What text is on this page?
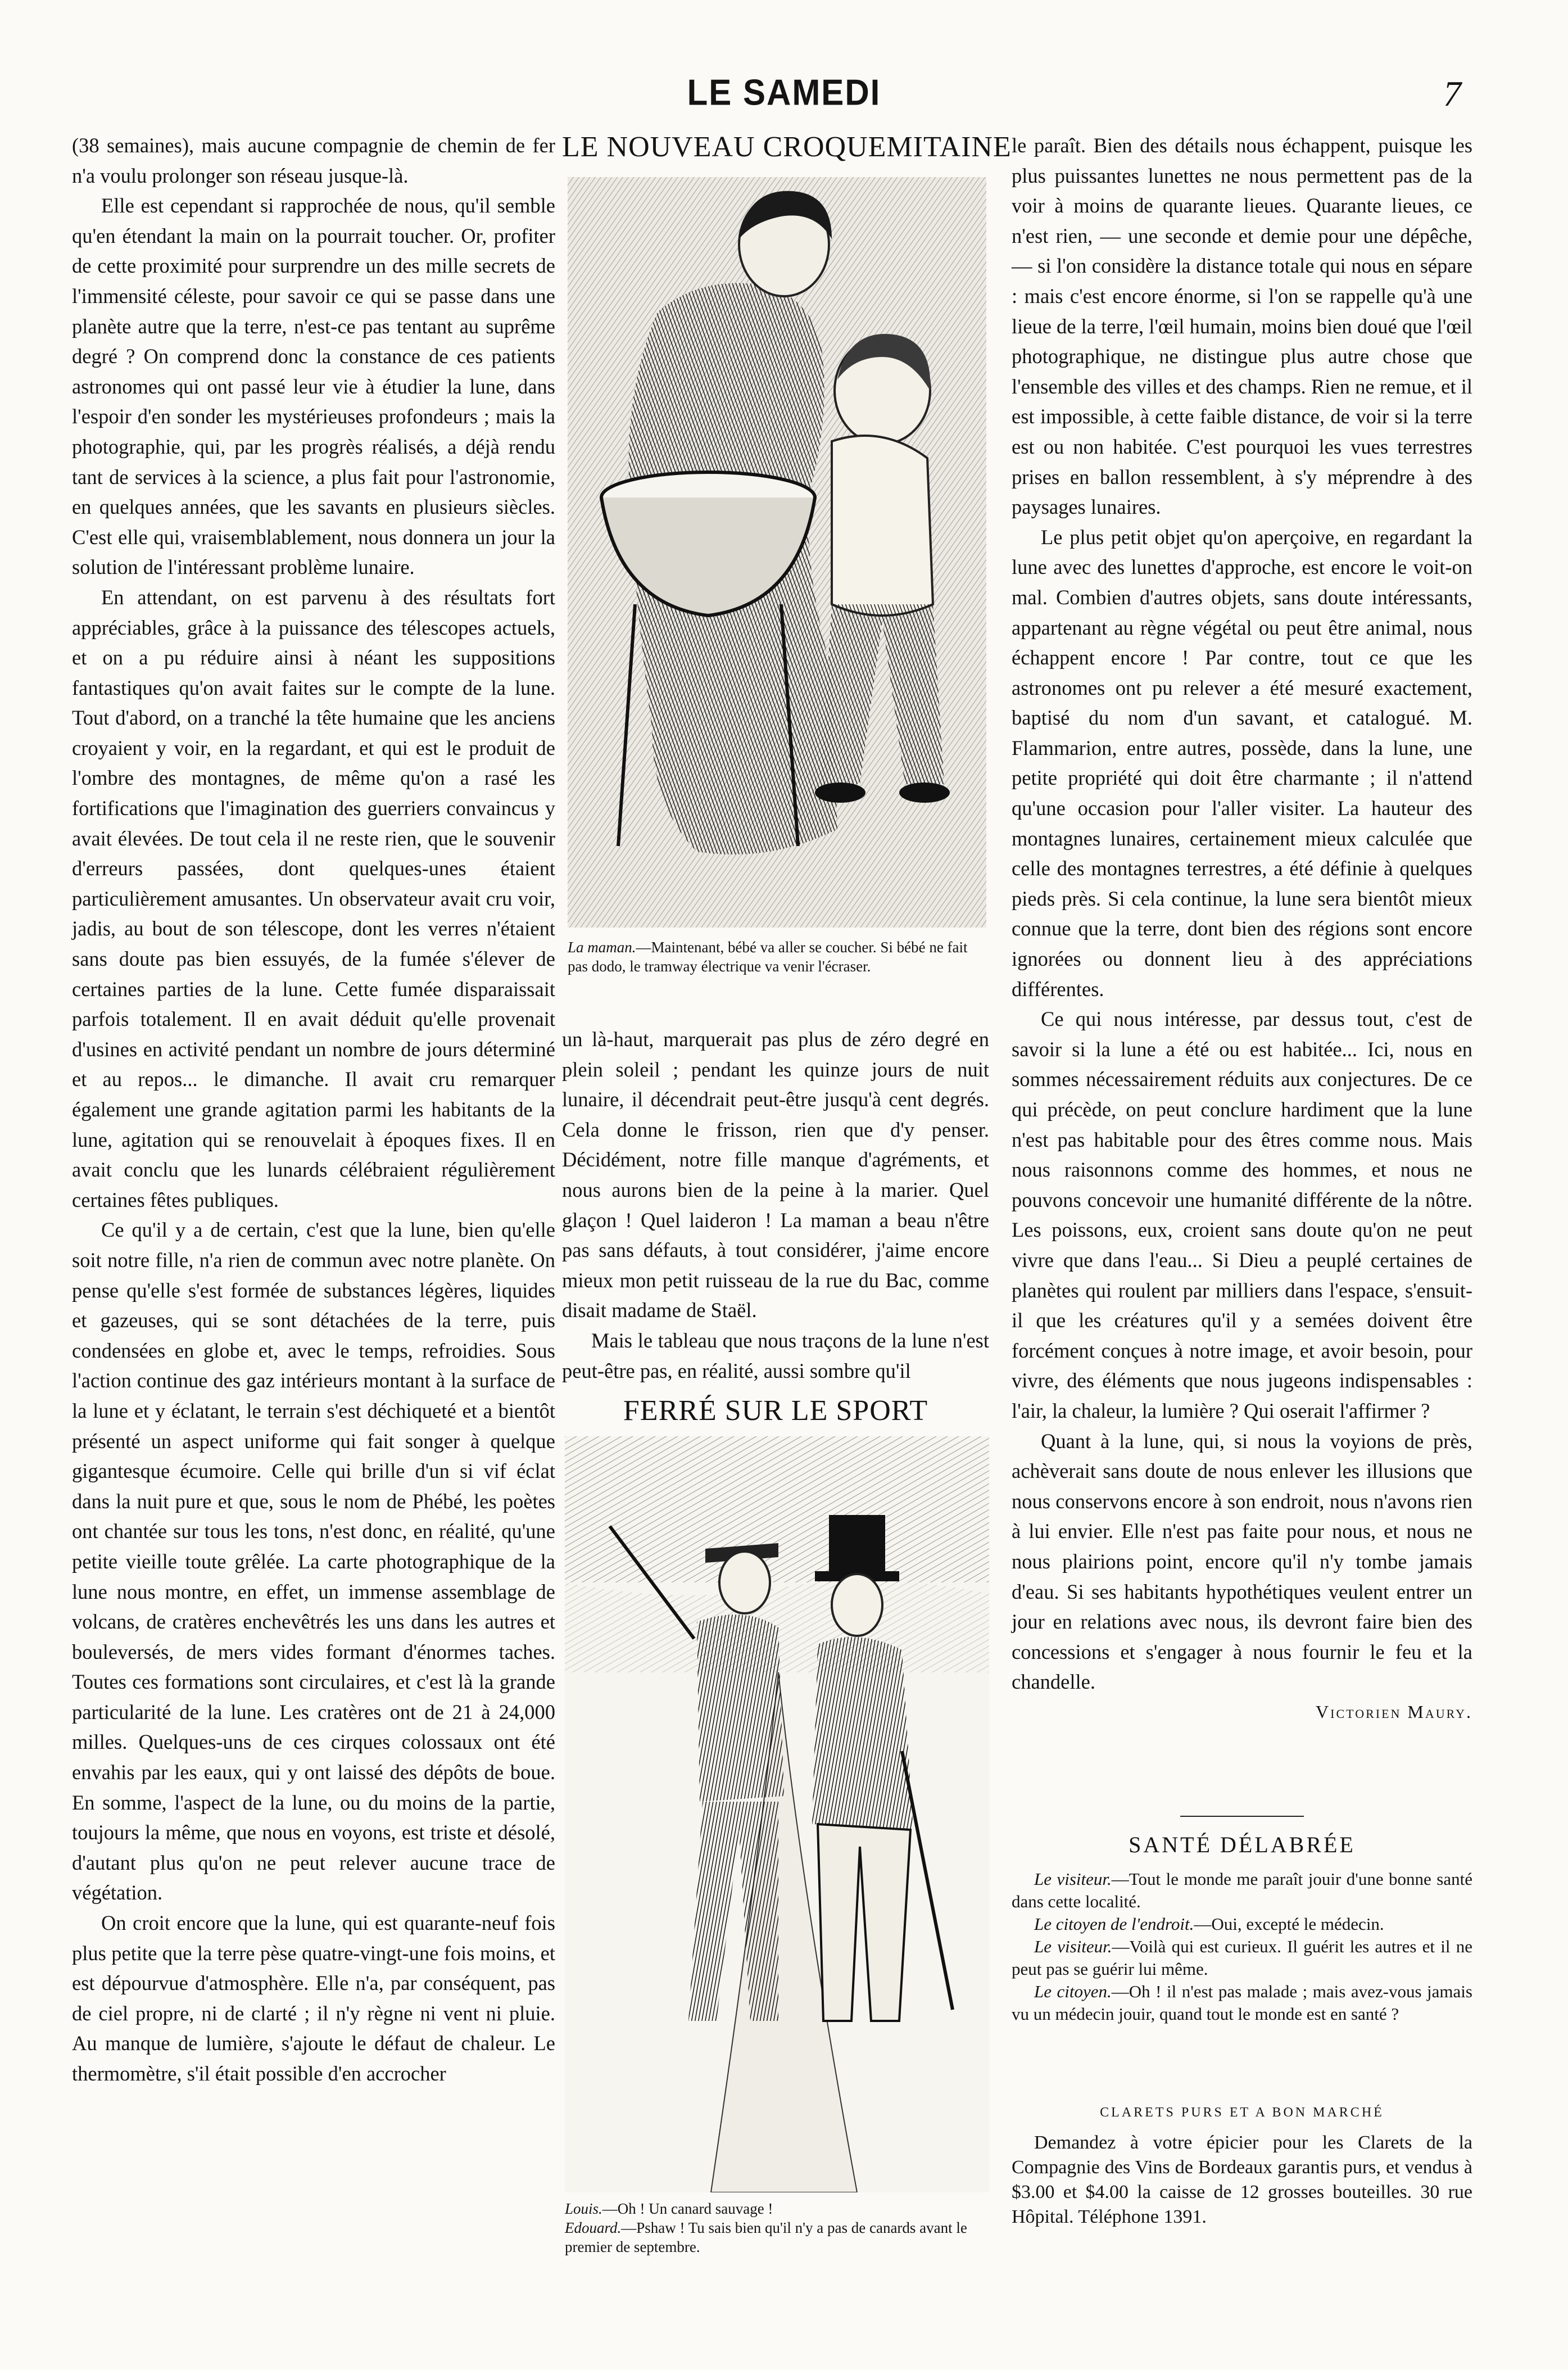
LE SAMEDI	7

(38 semaines), mais aucune compagnie de chemin de fer n'a voulu prolonger son réseau jusque-là.

Elle est cependant si rapprochée de nous, qu'il semble qu'en étendant la main on la pourrait toucher. Or, profiter de cette proximité pour surprendre un des mille secrets de l'immensité céleste, pour savoir ce qui se passe dans une planète autre que la terre, n'est-ce pas tentant au suprême degré ? On comprend donc la constance de ces patients astronomes qui ont passé leur vie à étudier la lune, dans l'espoir d'en sonder les mystérieuses profondeurs ; mais la photographie, qui, par les progrès réalisés, a déjà rendu tant de services à la science, a plus fait pour l'astronomie, en quelques années, que les savants en plusieurs siècles. C'est elle qui, vraisemblablement, nous donnera un jour la solution de l'intéressant problème lunaire.

En attendant, on est parvenu à des résultats fort appréciables, grâce à la puissance des télescopes actuels, et on a pu réduire ainsi à néant les suppositions fantastiques qu'on avait faites sur le compte de la lune. Tout d'abord, on a tranché la tête humaine que les anciens croyaient y voir, en la regardant, et qui est le produit de l'ombre des montagnes, de même qu'on a rasé les fortifications que l'imagination des guerriers convaincus y avait élevées. De tout cela il ne reste rien, que le souvenir d'erreurs passées, dont quelques-unes étaient particulièrement amusantes. Un observateur avait cru voir, jadis, au bout de son télescope, dont les verres n'étaient sans doute pas bien essuyés, de la fumée s'élever de certaines parties de la lune. Cette fumée disparaissait parfois totalement. Il en avait déduit qu'elle provenait d'usines en activité pendant un nombre de jours déterminé et au repos... le dimanche. Il avait cru remarquer également une grande agitation parmi les habitants de la lune, agitation qui se renouvelait à époques fixes. Il en avait conclu que les lunards célébraient régulièrement certaines fêtes publiques.

Ce qu'il y a de certain, c'est que la lune, bien qu'elle soit notre fille, n'a rien de commun avec notre planète. On pense qu'elle s'est formée de substances légères, liquides et gazeuses, qui se sont détachées de la terre, puis condensées en globe et, avec le temps, refroidies. Sous l'action continue des gaz intérieurs montant à la surface de la lune et y éclatant, le terrain s'est déchiqueté et a bientôt présenté un aspect uniforme qui fait songer à quelque gigantesque écumoire. Celle qui brille d'un si vif éclat dans la nuit pure et que, sous le nom de Phébé, les poètes ont chantée sur tous les tons, n'est donc, en réalité, qu'une petite vieille toute grêlée. La carte photographique de la lune nous montre, en effet, un immense assemblage de volcans, de cratères enchevêtrés les uns dans les autres et bouleversés, de mers vides formant d'énormes taches. Toutes ces formations sont circulaires, et c'est là la grande particularité de la lune. Les cratères ont de 21 à 24,000 milles. Quelques-uns de ces cirques colossaux ont été envahis par les eaux, qui y ont laissé des dépôts de boue. En somme, l'aspect de la lune, ou du moins de la partie, toujours la même, que nous en voyons, est triste et désolé, d'autant plus qu'on ne peut relever aucune trace de végétation.

On croit encore que la lune, qui est quarante-neuf fois plus petite que la terre pèse quatre-vingt-une fois moins, et est dépourvue d'atmosphère. Elle n'a, par conséquent, pas de ciel propre, ni de clarté ; il n'y règne ni vent ni pluie. Au manque de lumière, s'ajoute le défaut de chaleur. Le thermomètre, s'il était possible d'en accrocher

LE NOUVEAU CROQUEMITAINE
La maman.—Maintenant, bébé va aller se coucher. Si bébé ne fait pas dodo, le tramway électrique va venir l'écraser.

un là-haut, marquerait pas plus de zéro degré en plein soleil ; pendant les quinze jours de nuit lunaire, il décendrait peut-être jusqu'à cent degrés. Cela donne le frisson, rien que d'y penser. Décidément, notre fille manque d'agréments, et nous aurons bien de la peine à la marier. Quel glaçon ! Quel laideron ! La maman a beau n'être pas sans défauts, à tout considérer, j'aime encore mieux mon petit ruisseau de la rue du Bac, comme disait madame de Staël.

Mais le tableau que nous traçons de la lune n'est peut-être pas, en réalité, aussi sombre qu'il

FERRÉ SUR LE SPORT
Louis.—Oh ! Un canard sauvage !
Edouard.—Pshaw ! Tu sais bien qu'il n'y a pas de canards avant le premier de septembre.

le paraît. Bien des détails nous échappent, puisque les plus puissantes lunettes ne nous permettent pas de la voir à moins de quarante lieues. Quarante lieues, ce n'est rien, — une seconde et demie pour une dépêche, — si l'on considère la distance totale qui nous en sépare : mais c'est encore énorme, si l'on se rappelle qu'à une lieue de la terre, l'œil humain, moins bien doué que l'œil photographique, ne distingue plus autre chose que l'ensemble des villes et des champs. Rien ne remue, et il est impossible, à cette faible distance, de voir si la terre est ou non habitée. C'est pourquoi les vues terrestres prises en ballon ressemblent, à s'y méprendre à des paysages lunaires.

Le plus petit objet qu'on aperçoive, en regardant la lune avec des lunettes d'approche, est encore le voit-on mal. Combien d'autres objets, sans doute intéressants, appartenant au règne végétal ou peut être animal, nous échappent encore ! Par contre, tout ce que les astronomes ont pu relever a été mesuré exactement, baptisé du nom d'un savant, et catalogué. M. Flammarion, entre autres, possède, dans la lune, une petite propriété qui doit être charmante ; il n'attend qu'une occasion pour l'aller visiter. La hauteur des montagnes lunaires, certainement mieux calculée que celle des montagnes terrestres, a été définie à quelques pieds près. Si cela continue, la lune sera bientôt mieux connue que la terre, dont bien des régions sont encore ignorées ou donnent lieu à des appréciations différentes.

Ce qui nous intéresse, par dessus tout, c'est de savoir si la lune a été ou est habitée... Ici, nous en sommes nécessairement réduits aux conjectures. De ce qui précède, on peut conclure hardiment que la lune n'est pas habitable pour des êtres comme nous. Mais nous raisonnons comme des hommes, et nous ne pouvons concevoir une humanité différente de la nôtre. Les poissons, eux, croient sans doute qu'on ne peut vivre que dans l'eau... Si Dieu a peuplé certaines de planètes qui roulent par milliers dans l'espace, s'ensuit-il que les créatures qu'il y a semées doivent être forcément conçues à notre image, et avoir besoin, pour vivre, des éléments que nous jugeons indispensables : l'air, la chaleur, la lumière ? Qui oserait l'affirmer ?

Quant à la lune, qui, si nous la voyions de près, achèverait sans doute de nous enlever les illusions que nous conservons encore à son endroit, nous n'avons rien à lui envier. Elle n'est pas faite pour nous, et nous ne nous plairions point, encore qu'il n'y tombe jamais d'eau. Si ses habitants hypothétiques veulent entrer un jour en relations avec nous, ils devront faire bien des concessions et s'engager à nous fournir le feu et la chandelle.

Victorien Maury.
SANTÉ DÉLABRÉE

Le visiteur.—Tout le monde me paraît jouir d'une bonne santé dans cette localité.

Le citoyen de l'endroit.—Oui, excepté le médecin.

Le visiteur.—Voilà qui est curieux. Il guérit les autres et il ne peut pas se guérir lui même.

Le citoyen.—Oh ! il n'est pas malade ; mais avez-vous jamais vu un médecin jouir, quand tout le monde est en santé ?

CLARETS PURS ET A BON MARCHÉ

Demandez à votre épicier pour les Clarets de la Compagnie des Vins de Bordeaux garantis purs, et vendus à $3.00 et $4.00 la caisse de 12 grosses bouteilles. 30 rue Hôpital. Téléphone 1391.
